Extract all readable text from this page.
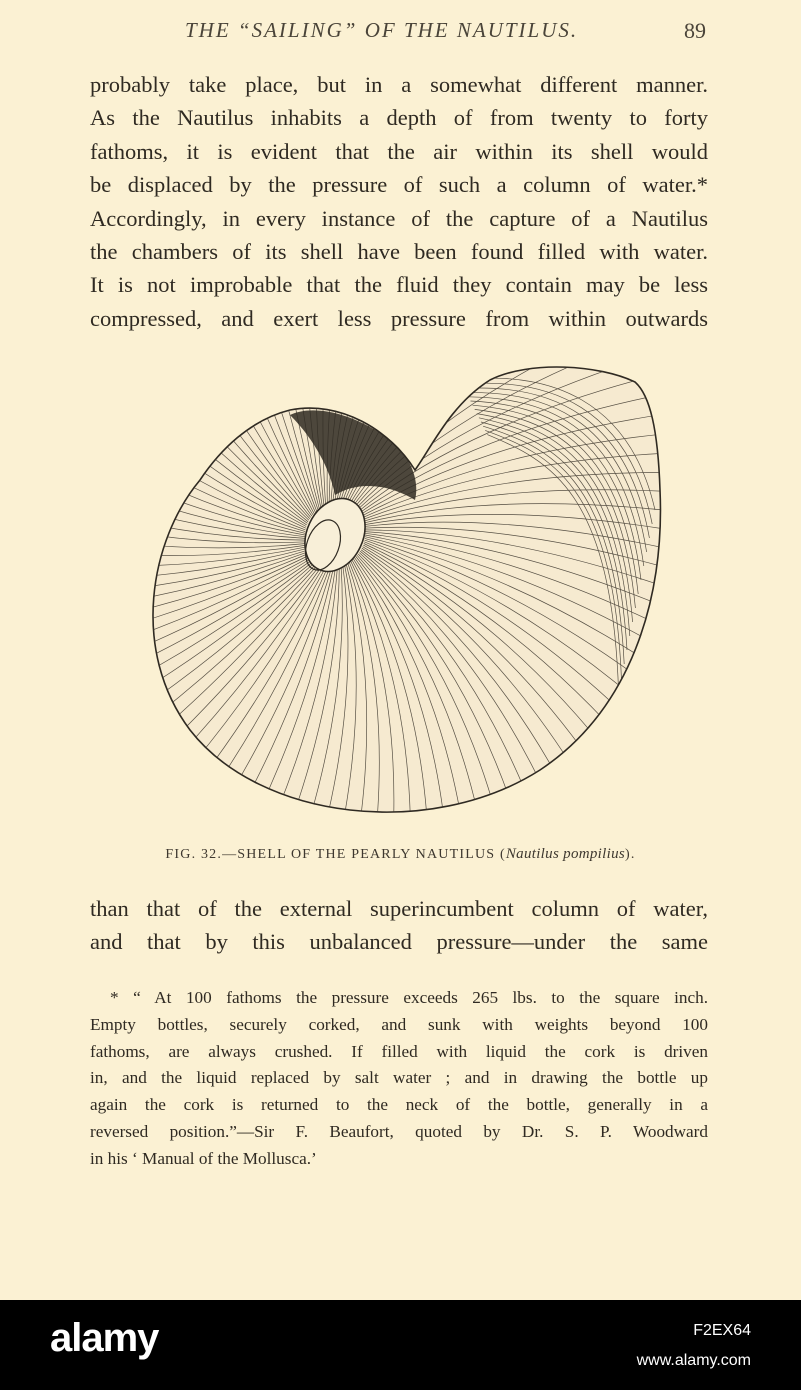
THE “SAILING” OF THE NAUTILUS.	89
probably take place, but in a somewhat different manner.
As the Nautilus inhabits a depth of from twenty to forty
fathoms, it is evident that the air within its shell would
be displaced by the pressure of such a column of water.*
Accordingly, in every instance of the capture of a Nautilus
the chambers of its shell have been found filled with water.
It is not improbable that the fluid they contain may be less
compressed, and exert less pressure from within outwards
FIG. 32.—SHELL OF THE PEARLY NAUTILUS (Nautilus pompilius).
than that of the external superincumbent column of water,
and that by this unbalanced pressure—under the same
* “ At 100 fathoms the pressure exceeds 265 lbs. to the square inch.
Empty bottles, securely corked, and sunk with weights beyond 100
fathoms, are always crushed. If filled with liquid the cork is driven
in, and the liquid replaced by salt water ; and in drawing the bottle up
again the cork is returned to the neck of the bottle, generally in a
reversed position.”—Sir F. Beaufort, quoted by Dr. S. P. Woodward
in his ‘ Manual of the Mollusca.’
alamy	F2EX64
www.alamy.com
